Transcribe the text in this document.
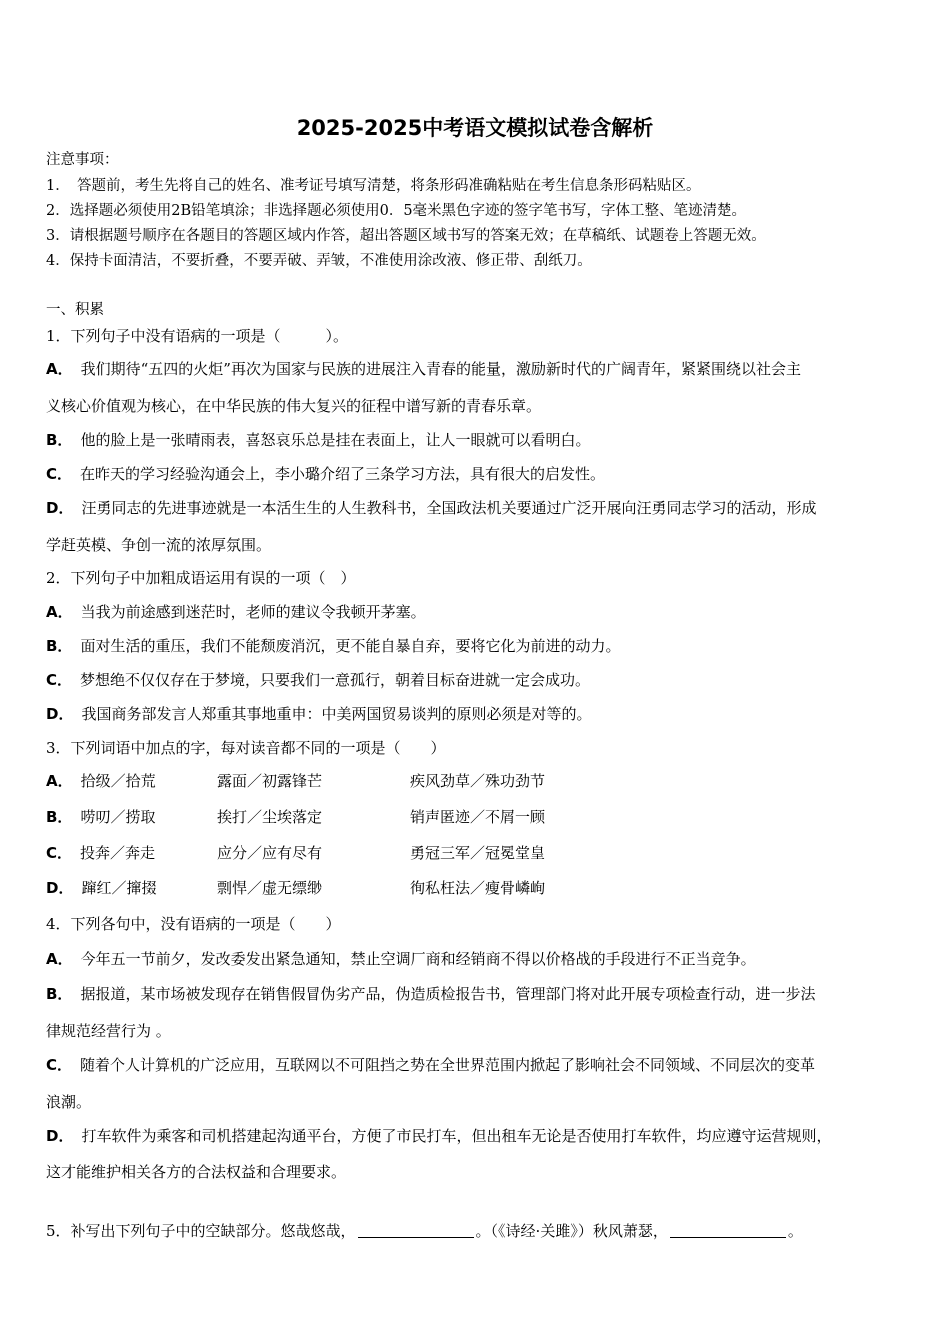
2025-2025中考语文模拟试卷含解析
注意事项：
1．　答题前，考生先将自己的姓名、准考证号填写清楚，将条形码准确粘贴在考生信息条形码粘贴区。
2．选择题必须使用2B铅笔填涂；非选择题必须使用0．5毫米黑色字迹的签字笔书写，字体工整、笔迹清楚。
3．请根据题号顺序在各题目的答题区域内作答，超出答题区域书写的答案无效；在草稿纸、试题卷上答题无效。
4．保持卡面清洁，不要折叠，不要弄破、弄皱，不准使用涂改液、修正带、刮纸刀。
一、积累
1．下列句子中没有语病的一项是（　　　）。
A． 我们期待“五四的火炬”再次为国家与民族的进展注入青春的能量，激励新时代的广阔青年，紧紧围绕以社会主
义核心价值观为核心，在中华民族的伟大复兴的征程中谱写新的青春乐章。
B． 他的脸上是一张晴雨表，喜怒哀乐总是挂在表面上，让人一眼就可以看明白。
C． 在昨天的学习经验沟通会上，李小璐介绍了三条学习方法，具有很大的启发性。
D． 汪勇同志的先进事迹就是一本活生生的人生教科书，全国政法机关要通过广泛开展向汪勇同志学习的活动，形成
学赶英模、争创一流的浓厚氛围。
2．下列句子中加粗成语运用有误的一项（　）
A． 当我为前途感到迷茫时，老师的建议令我顿开茅塞。
B． 面对生活的重压，我们不能颓废消沉，更不能自暴自弃，要将它化为前进的动力。
C． 梦想绝不仅仅存在于梦境，只要我们一意孤行，朝着目标奋进就一定会成功。
D． 我国商务部发言人郑重其事地重申：中美两国贸易谈判的原则必须是对等的。
3．下列词语中加点的字，每对读音都不同的一项是（　　）
A． 拾级／拾荒	露面／初露锋芒	疾风劲草／殊功劲节
B． 唠叨／捞取	挨打／尘埃落定	销声匿迹／不屑一顾
C． 投奔／奔走	应分／应有尽有	勇冠三军／冠冕堂皇
D． 蹿红／撺掇	剽悍／虚无缥缈	徇私枉法／瘦骨嶙峋
4．下列各句中，没有语病的一项是（　　）
A． 今年五一节前夕，发改委发出紧急通知，禁止空调厂商和经销商不得以价格战的手段进行不正当竞争。
B． 据报道，某市场被发现存在销售假冒伪劣产品，伪造质检报告书，管理部门将对此开展专项检查行动，进一步法
律规范经营行为 。
C． 随着个人计算机的广泛应用，互联网以不可阻挡之势在全世界范围内掀起了影响社会不同领域、不同层次的变革
浪潮。
D． 打车软件为乘客和司机搭建起沟通平台，方便了市民打车，但出租车无论是否使用打车软件，均应遵守运营规则，
这才能维护相关各方的合法权益和合理要求。
5．补写出下列句子中的空缺部分。悠哉悠哉，	。（《诗经·关雎》）秋风萧瑟，	。
